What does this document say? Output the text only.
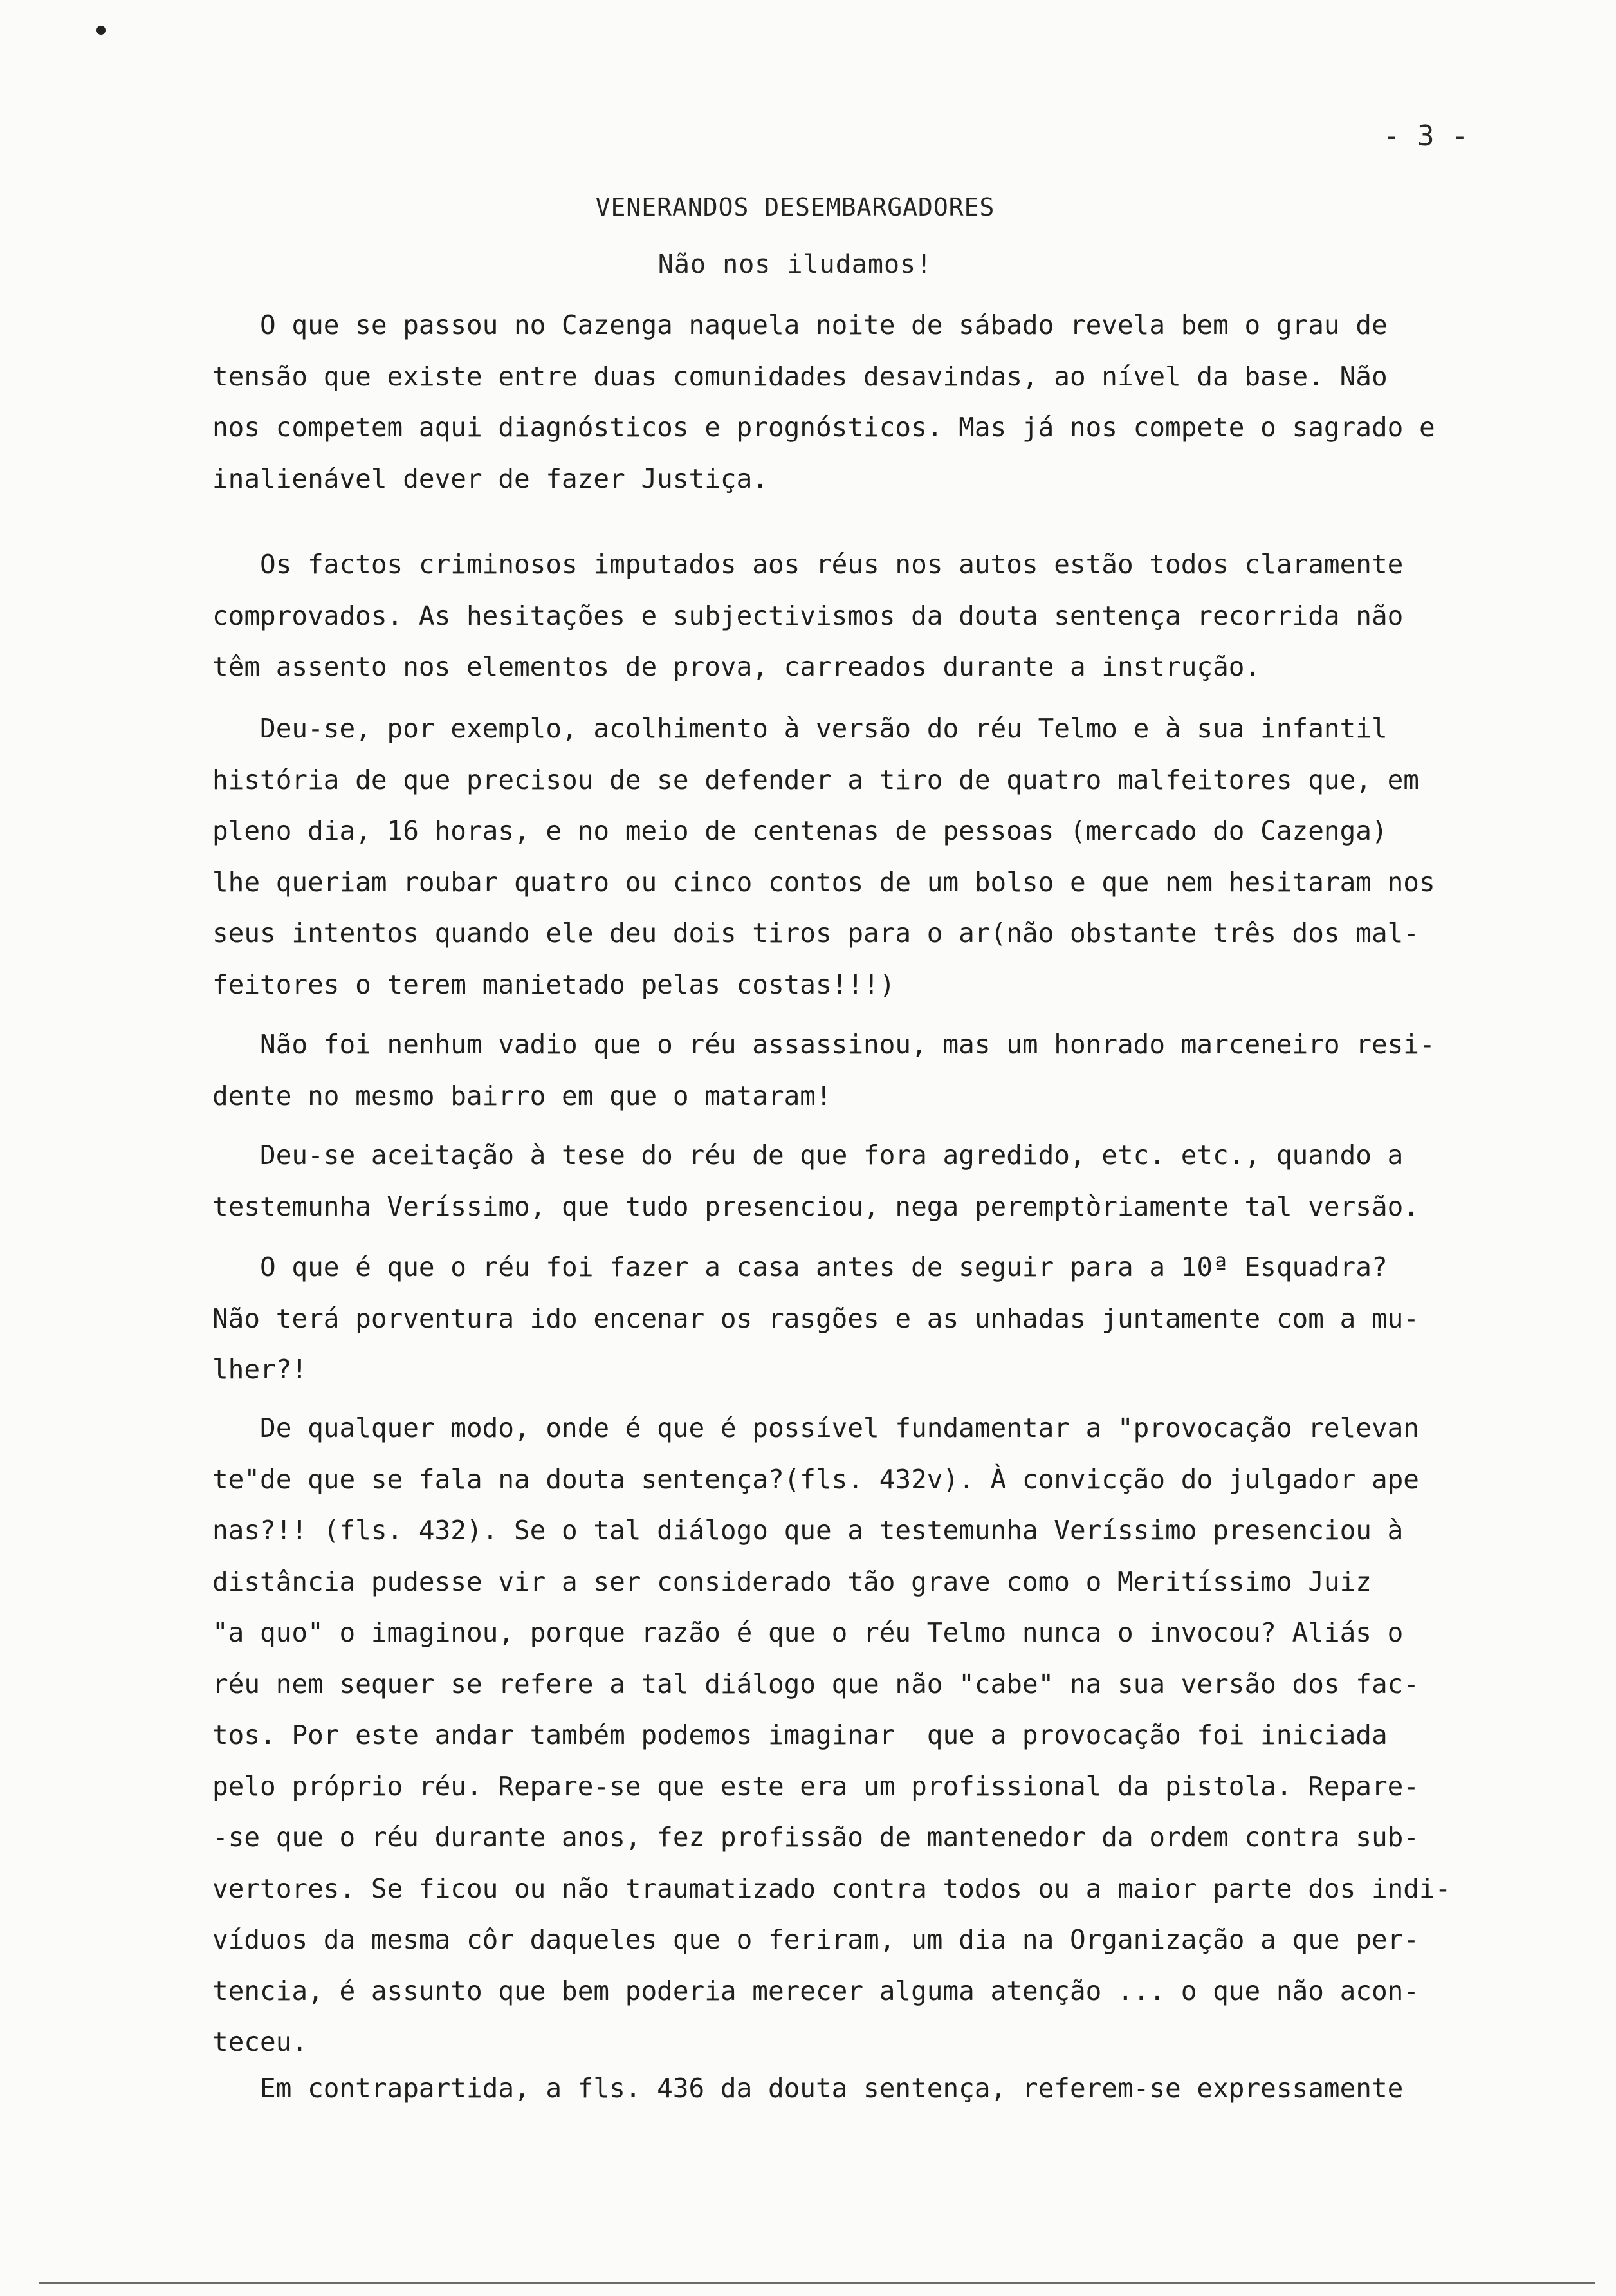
- 3 -
VENERANDOS DESEMBARGADORES
Não nos iludamos!
O que se passou no Cazenga naquela noite de sábado revela bem o grau de
tensão que existe entre duas comunidades desavindas, ao nível da base. Não
nos competem aqui diagnósticos e prognósticos. Mas já nos compete o sagrado e
inalienável dever de fazer Justiça.
Os factos criminosos imputados aos réus nos autos estão todos claramente
comprovados. As hesitações e subjectivismos da douta sentença recorrida não
têm assento nos elementos de prova, carreados durante a instrução.
Deu-se, por exemplo, acolhimento à versão do réu Telmo e à sua infantil
história de que precisou de se defender a tiro de quatro malfeitores que, em
pleno dia, 16 horas, e no meio de centenas de pessoas (mercado do Cazenga)
lhe queriam roubar quatro ou cinco contos de um bolso e que nem hesitaram nos
seus intentos quando ele deu dois tiros para o ar(não obstante três dos mal-
feitores o terem manietado pelas costas!!!)
Não foi nenhum vadio que o réu assassinou, mas um honrado marceneiro resi-
dente no mesmo bairro em que o mataram!
Deu-se aceitação à tese do réu de que fora agredido, etc. etc., quando a
testemunha Veríssimo, que tudo presenciou, nega peremptòriamente tal versão.
O que é que o réu foi fazer a casa antes de seguir para a 10ª Esquadra?
Não terá porventura ido encenar os rasgões e as unhadas juntamente com a mu-
lher?!
De qualquer modo, onde é que é possível fundamentar a "provocação relevan
te"de que se fala na douta sentença?(fls. 432v). À convicção do julgador ape
nas?!! (fls. 432). Se o tal diálogo que a testemunha Veríssimo presenciou à
distância pudesse vir a ser considerado tão grave como o Meritíssimo Juiz
"a quo" o imaginou, porque razão é que o réu Telmo nunca o invocou? Aliás o
réu nem sequer se refere a tal diálogo que não "cabe" na sua versão dos fac-
tos. Por este andar também podemos imaginar  que a provocação foi iniciada
pelo próprio réu. Repare-se que este era um profissional da pistola. Repare-
-se que o réu durante anos, fez profissão de mantenedor da ordem contra sub-
vertores. Se ficou ou não traumatizado contra todos ou a maior parte dos indi-
víduos da mesma côr daqueles que o feriram, um dia na Organização a que per-
tencia, é assunto que bem poderia merecer alguma atenção ... o que não acon-
teceu.
Em contrapartida, a fls. 436 da douta sentença, referem-se expressamente
